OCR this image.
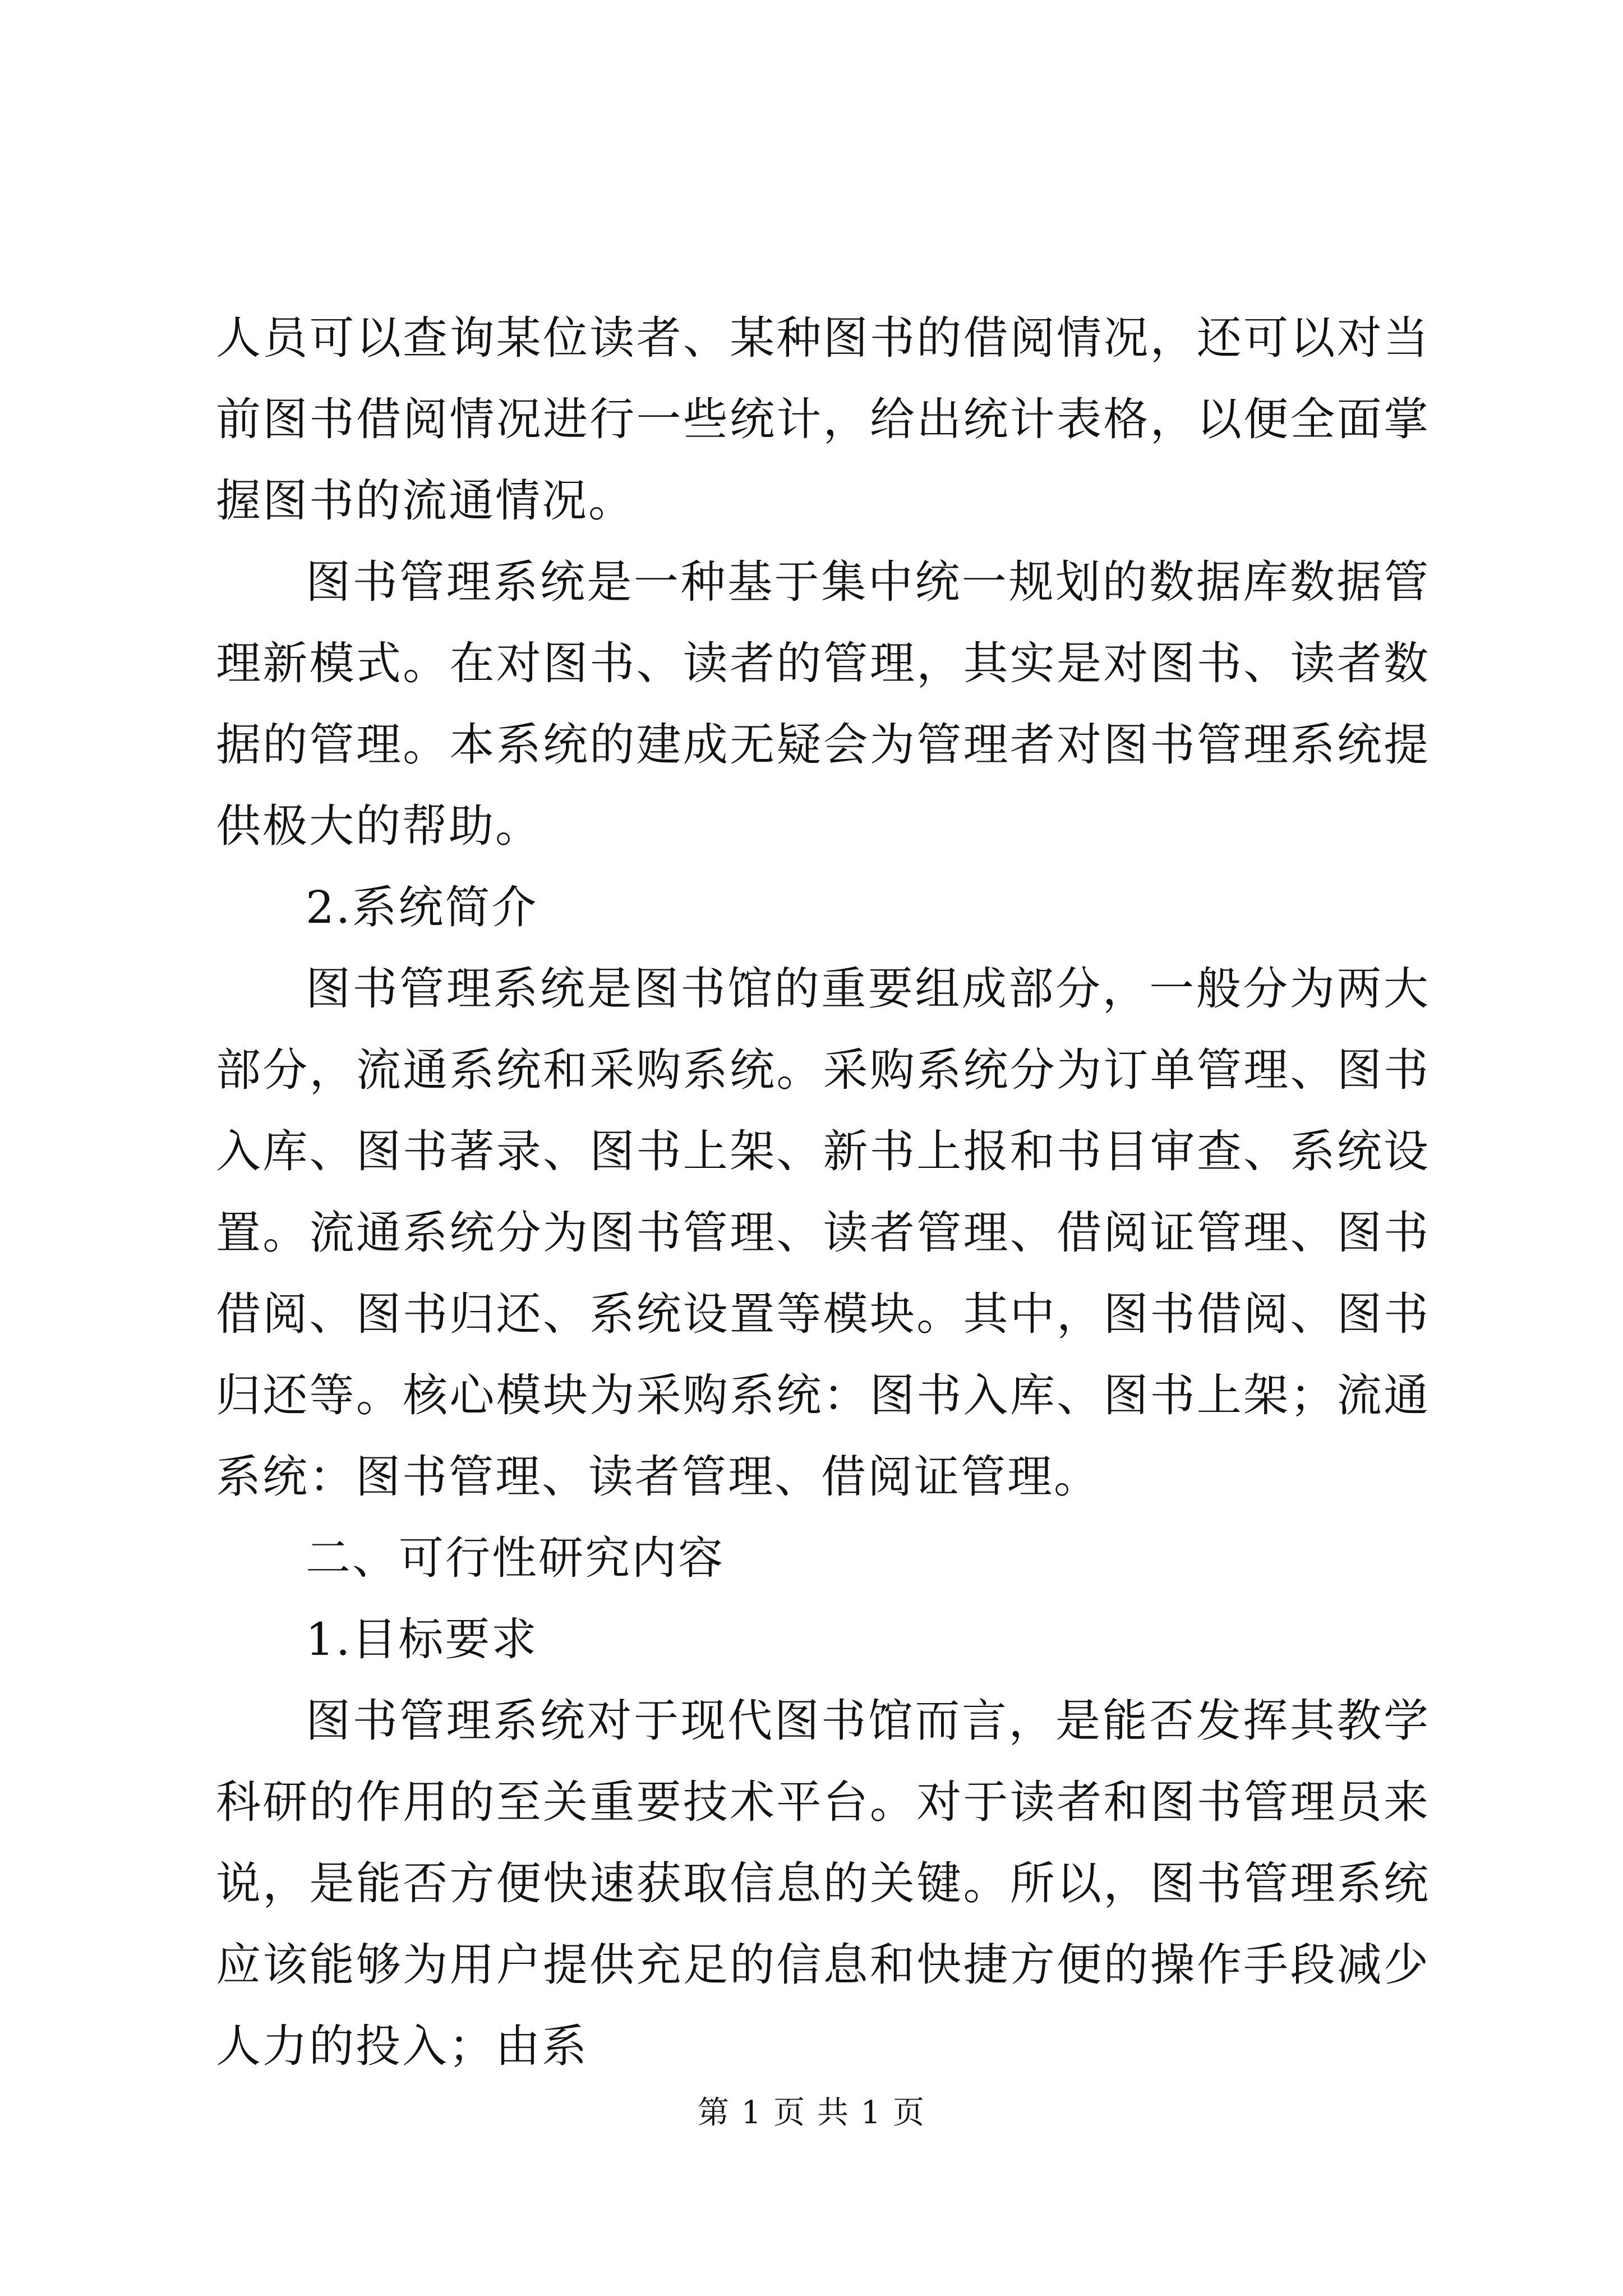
人员可以查询某位读者、某种图书的借阅情况，还可以对当前图书借阅情况进行一些统计，给出统计表格，以便全面掌握图书的流通情况。

图书管理系统是一种基于集中统一规划的数据库数据管理新模式。在对图书、读者的管理，其实是对图书、读者数据的管理。本系统的建成无疑会为管理者对图书管理系统提供极大的帮助。

2.系统简介

图书管理系统是图书馆的重要组成部分，一般分为两大部分，流通系统和采购系统。采购系统分为订单管理、图书入库、图书著录、图书上架、新书上报和书目审查、系统设置。流通系统分为图书管理、读者管理、借阅证管理、图书借阅、图书归还、系统设置等模块。其中，图书借阅、图书归还等。核心模块为采购系统：图书入库、图书上架；流通系统：图书管理、读者管理、借阅证管理。

二、可行性研究内容

1.目标要求

图书管理系统对于现代图书馆而言，是能否发挥其教学科研的作用的至关重要技术平台。对于读者和图书管理员来说，是能否方便快速获取信息的关键。所以，图书管理系统应该能够为用户提供充足的信息和快捷方便的操作手段减少人力的投入；由系

第 1 页 共 1 页
